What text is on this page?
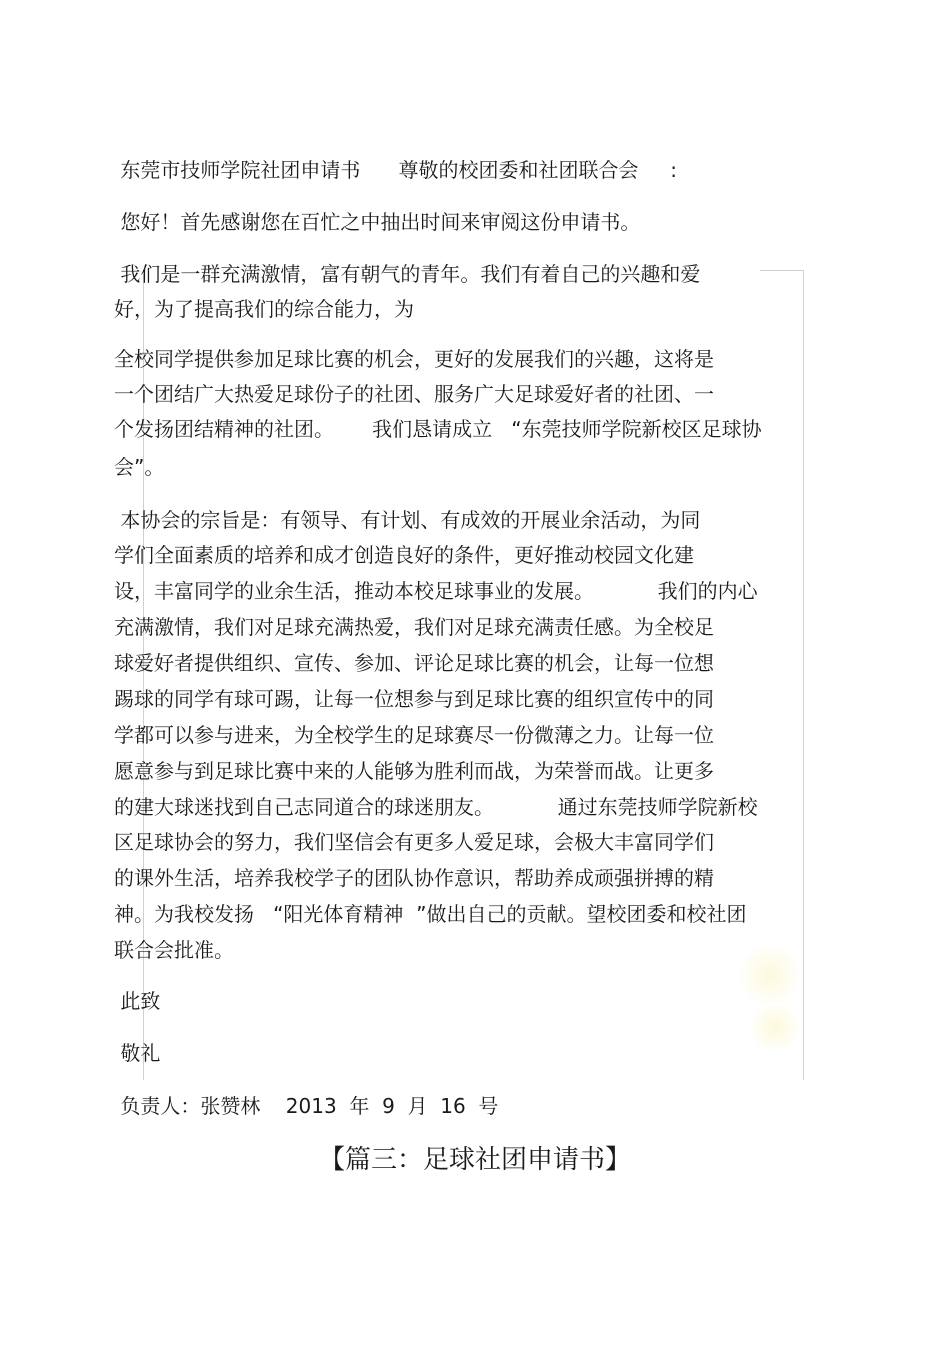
东莞市技师学院社团申请书      尊敬的校团委和社团联合会     :

您好！首先感谢您在百忙之中抽出时间来审阅这份申请书。

我们是一群充满激情，富有朝气的青年。我们有着自己的兴趣和爱

好，为了提高我们的综合能力，为

全校同学提供参加足球比赛的机会，更好的发展我们的兴趣，这将是

一个团结广大热爱足球份子的社团、服务广大足球爱好者的社团、一

个发扬团结精神的社团。      我们恳请成立   “东莞技师学院新校区足球协

会”。

本协会的宗旨是：有领导、有计划、有成效的开展业余活动，为同

学们全面素质的培养和成才创造良好的条件，更好推动校园文化建

设，丰富同学的业余生活，推动本校足球事业的发展。          我们的内心

充满激情，我们对足球充满热爱，我们对足球充满责任感。为全校足

球爱好者提供组织、宣传、参加、评论足球比赛的机会，让每一位想

踢球的同学有球可踢，让每一位想参与到足球比赛的组织宣传中的同

学都可以参与进来，为全校学生的足球赛尽一份微薄之力。让每一位

愿意参与到足球比赛中来的人能够为胜利而战，为荣誉而战。让更多

的建大球迷找到自己志同道合的球迷朋友。          通过东莞技师学院新校

区足球协会的努力，我们坚信会有更多人爱足球，会极大丰富同学们

的课外生活，培养我校学子的团队协作意识，帮助养成顽强拼搏的精

神。为我校发扬   “阳光体育精神  ”做出自己的贡献。望校团委和校社团

联合会批准。

此致

敬礼

负责人：张赞林    2013  年  9  月  16  号

【篇三：足球社团申请书】
